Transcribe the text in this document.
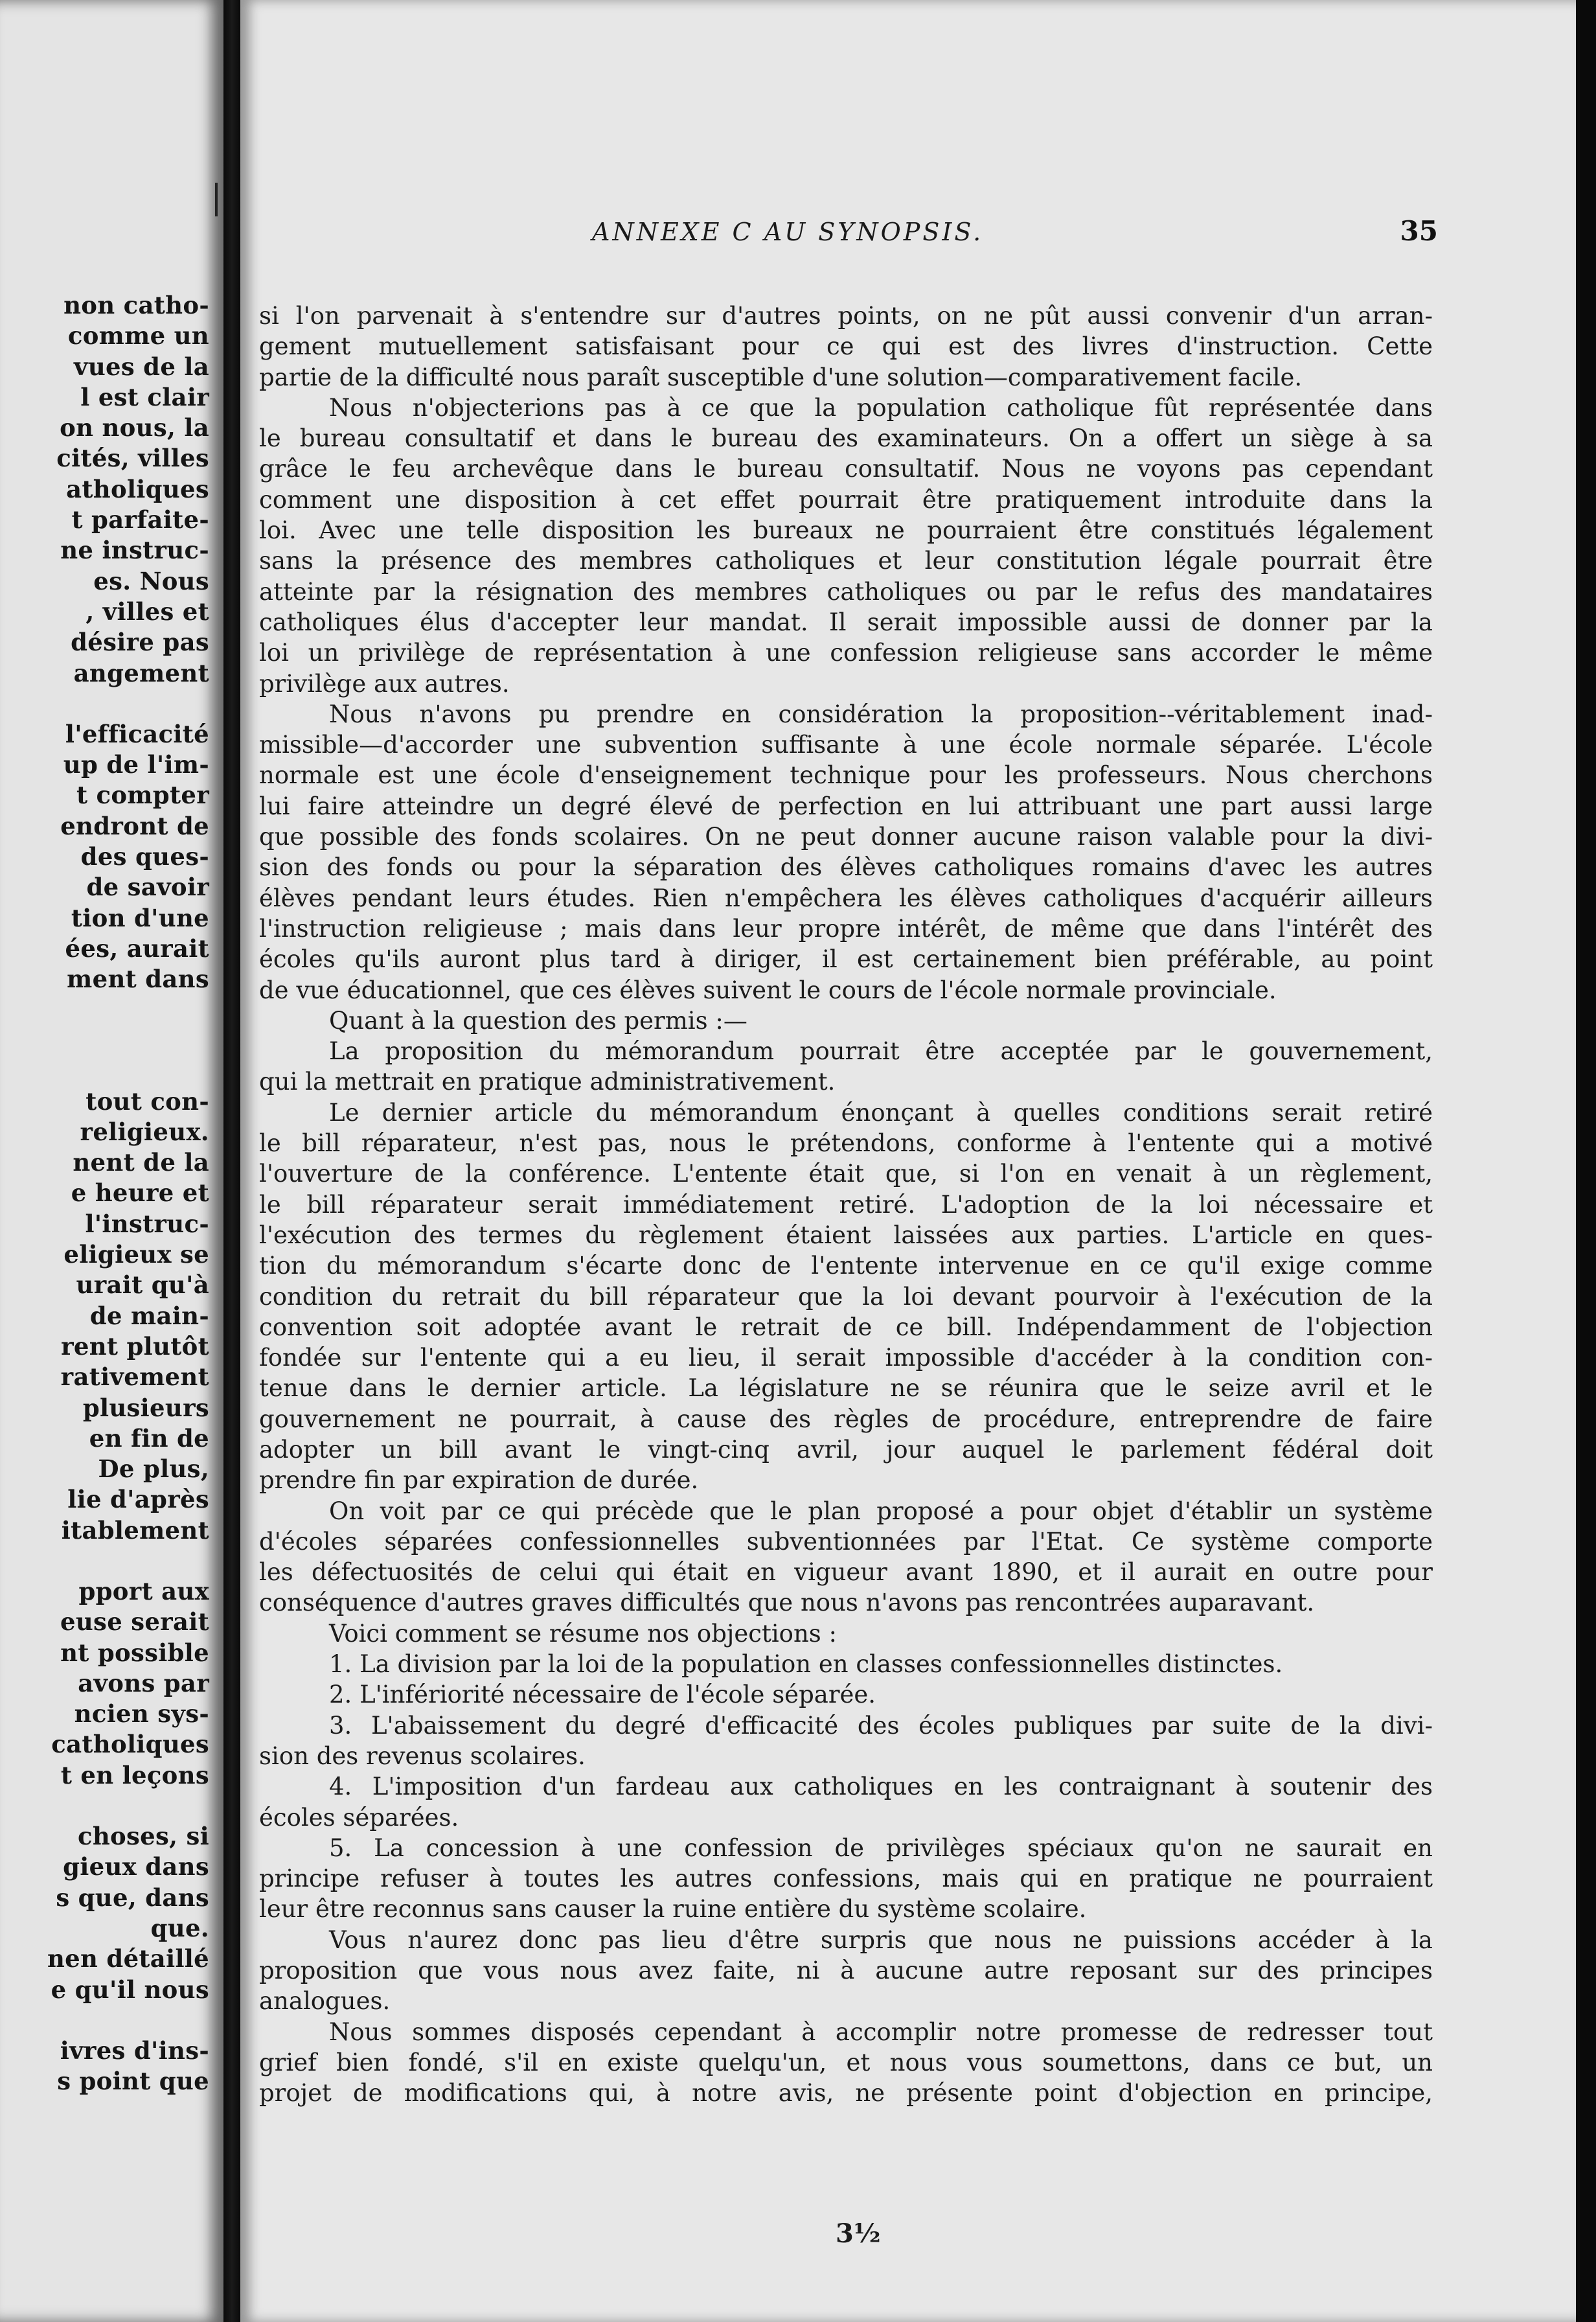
non catho-
comme un
vues de la
l est clair
on nous, la
cités, villes
atholiques
t parfaite-
ne instruc-
es. Nous
, villes et
désire pas
angement

l'efficacité
up de l'im-
t compter
endront de
des ques-
de savoir
tion d'une
ées, aurait
ment dans

tout con-
religieux.
nent de la
e heure et
l'instruc-
eligieux se
urait qu'à
de main-
rent plutôt
rativement
plusieurs
en fin de
De plus,
lie d'après
itablement

pport aux
euse serait
nt possible
avons par
ncien sys-
catholiques
t en leçons

choses, si
gieux dans
s que, dans
que.
nen détaillé
e qu'il nous

ivres d'ins-
s point que
ANNEXE C AU SYNOPSIS.	35
si l'on parvenait à s'entendre sur d'autres points, on ne pût aussi convenir d'un arran-
gement mutuellement satisfaisant pour ce qui est des livres d'instruction. Cette
partie de la difficulté nous paraît susceptible d'une solution—comparativement facile.
Nous n'objecterions pas à ce que la population catholique fût représentée dans
le bureau consultatif et dans le bureau des examinateurs. On a offert un siège à sa
grâce le feu archevêque dans le bureau consultatif. Nous ne voyons pas cependant
comment une disposition à cet effet pourrait être pratiquement introduite dans la
loi. Avec une telle disposition les bureaux ne pourraient être constitués légalement
sans la présence des membres catholiques et leur constitution légale pourrait être
atteinte par la résignation des membres catholiques ou par le refus des mandataires
catholiques élus d'accepter leur mandat. Il serait impossible aussi de donner par la
loi un privilège de représentation à une confession religieuse sans accorder le même
privilège aux autres.
Nous n'avons pu prendre en considération la proposition--véritablement inad-
missible—d'accorder une subvention suffisante à une école normale séparée. L'école
normale est une école d'enseignement technique pour les professeurs. Nous cherchons
lui faire atteindre un degré élevé de perfection en lui attribuant une part aussi large
que possible des fonds scolaires. On ne peut donner aucune raison valable pour la divi-
sion des fonds ou pour la séparation des élèves catholiques romains d'avec les autres
élèves pendant leurs études. Rien n'empêchera les élèves catholiques d'acquérir ailleurs
l'instruction religieuse ; mais dans leur propre intérêt, de même que dans l'intérêt des
écoles qu'ils auront plus tard à diriger, il est certainement bien préférable, au point
de vue éducationnel, que ces élèves suivent le cours de l'école normale provinciale.
Quant à la question des permis :—
La proposition du mémorandum pourrait être acceptée par le gouvernement,
qui la mettrait en pratique administrativement.
Le dernier article du mémorandum énonçant à quelles conditions serait retiré
le bill réparateur, n'est pas, nous le prétendons, conforme à l'entente qui a motivé
l'ouverture de la conférence. L'entente était que, si l'on en venait à un règlement,
le bill réparateur serait immédiatement retiré. L'adoption de la loi nécessaire et
l'exécution des termes du règlement étaient laissées aux parties. L'article en ques-
tion du mémorandum s'écarte donc de l'entente intervenue en ce qu'il exige comme
condition du retrait du bill réparateur que la loi devant pourvoir à l'exécution de la
convention soit adoptée avant le retrait de ce bill. Indépendamment de l'objection
fondée sur l'entente qui a eu lieu, il serait impossible d'accéder à la condition con-
tenue dans le dernier article. La législature ne se réunira que le seize avril et le
gouvernement ne pourrait, à cause des règles de procédure, entreprendre de faire
adopter un bill avant le vingt-cinq avril, jour auquel le parlement fédéral doit
prendre fin par expiration de durée.
On voit par ce qui précède que le plan proposé a pour objet d'établir un système
d'écoles séparées confessionnelles subventionnées par l'Etat. Ce système comporte
les défectuosités de celui qui était en vigueur avant 1890, et il aurait en outre pour
conséquence d'autres graves difficultés que nous n'avons pas rencontrées auparavant.
Voici comment se résume nos objections :
1. La division par la loi de la population en classes confessionnelles distinctes.
2. L'infériorité nécessaire de l'école séparée.
3. L'abaissement du degré d'efficacité des écoles publiques par suite de la divi-
sion des revenus scolaires.
4. L'imposition d'un fardeau aux catholiques en les contraignant à soutenir des
écoles séparées.
5. La concession à une confession de privilèges spéciaux qu'on ne saurait en
principe refuser à toutes les autres confessions, mais qui en pratique ne pourraient
leur être reconnus sans causer la ruine entière du système scolaire.
Vous n'aurez donc pas lieu d'être surpris que nous ne puissions accéder à la
proposition que vous nous avez faite, ni à aucune autre reposant sur des principes
analogues.
Nous sommes disposés cependant à accomplir notre promesse de redresser tout
grief bien fondé, s'il en existe quelqu'un, et nous vous soumettons, dans ce but, un
projet de modifications qui, à notre avis, ne présente point d'objection en principe,
3½
